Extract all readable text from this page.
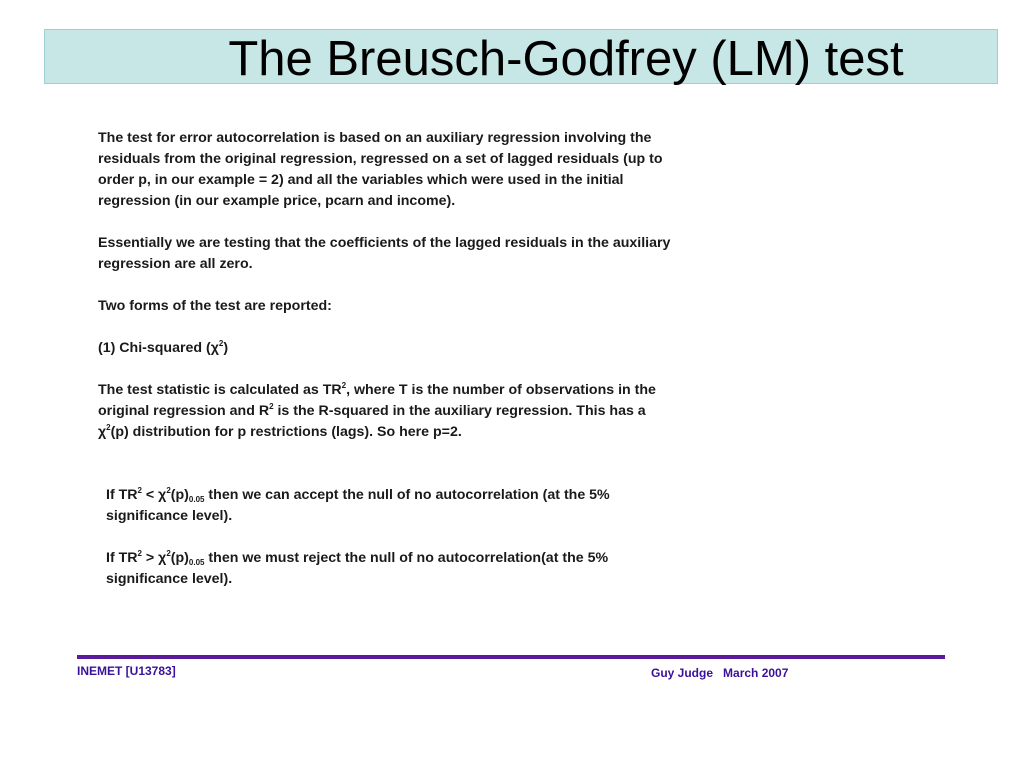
The Breusch-Godfrey (LM) test

The test for error autocorrelation is based on an auxiliary regression involving the
residuals from the original regression, regressed on a set of lagged residuals (up to
order p, in our example = 2) and all the variables which were used in the initial
regression (in our example price, pcarn and income).

Essentially we are testing that the coefficients of the lagged residuals in the auxiliary
regression are all zero.

Two forms of the test are reported:

(1) Chi-squared $(\chi^2)$

The test statistic is calculated as $TR^2$, where T is the number of observations in the
original regression and $R^2$ is the R-squared in the auxiliary regression. This has a
$\chi^2(p)$ distribution for p restrictions (lags). So here p=2.

If $TR^2 < \chi^2(p)_{0.05}$ then we can accept the null of no autocorrelation (at the 5%
significance level).

If $TR^2 > \chi^2(p)_{0.05}$ then we must reject the null of no autocorrelation(at the 5%
significance level).

INEMET [U13783]	Guy Judge March 2007
